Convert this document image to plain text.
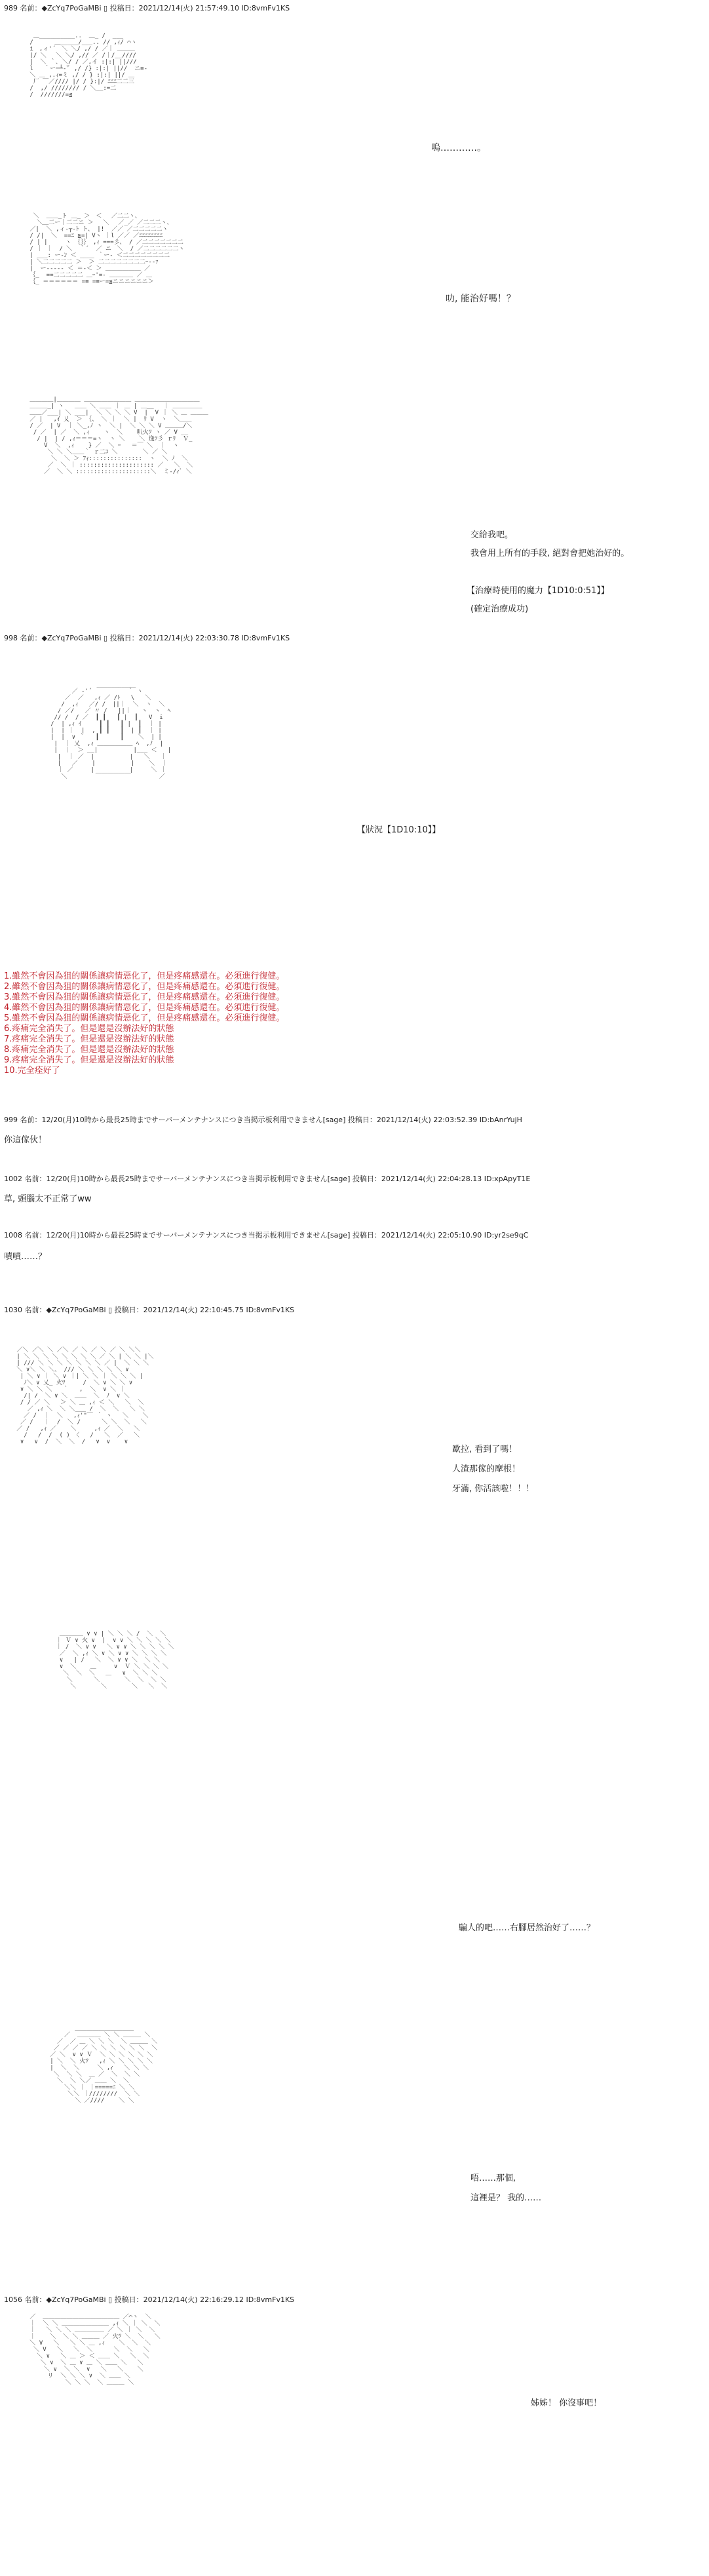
989 名前：◆ZcYq7PoGaMBi ▯ 投稿日：2021/12/14(火) 21:57:49.10 ID:8vmFv1KS
＿__________..  ＿_ /  ___
/　　　 ＿_____/___.. // ,ｨ/ ⌒ヽ
i　,ィ'´　＼ ＼/ ,/ / ／｜ ＿＿＿
|/ ＼　 ＼ ＼/ ,// ／ /｜/__////
|  ＼ ｀､ ＼/ / ／,イ :|:| ||///
l   ｀ー─┴‐'ﾞ ,/ /} :|:| ||//  ニ≡-
＼ ＿ ,.ｨ=ミ ,/ / } :|:| ||/ ＿
厂 ￣／//// |/ / }:|/ ﾆﾆﾆ二二三
/  ,/ //////// / ＼__:=二
/  ///////=≦

嗚…………。
＼  ＿＿_ト ＿_ ＞　＜　 ／二二ヽ、
＼＿二ー｜二二ニ ＞　 ＼　 ／_／ ／二二二ヽ、
／|  ＼ ,ィ‐┬‐ﾄ ト、 |!  ／／ ／二二二二二ヽ
/ /|  ＼  ==ﾆ ≧=| Vヽ ｜l ／／ ／ﾆﾆﾆﾆﾆﾆﾆﾆ
/ | |     ヽ ｛｝｝ ,ｨ ===彡、 / ／二二二二二二二
/ ｜ ｜  / ＼  ｀´  ／ ニ　＼  / ／二二二二二二ヽ
| ___: ー‐ﾝ ＜ ____ ｀ー‐ ＜二二二二二二二二
| ＼二二二二二 ＞  ＞ 二二二二二二二二ｰ‐‐ｧ
|  ー‐‐‐‐‐ ＜ ＝‐＜ ＞ ＿＿＿＿＿＿ ／
｛_  ==二二二二二 ＿ｰ'=‐ ＿＿＿＿ ／ ＿
｛_ ＝＝＝＝＝＝ =≡ =≡ー=≦ニニニニニニ＞

叻, 能治好嗎！？
＿＿＿＿|＿＿＿＿ ＿＿＿＿＿＿＿＿ ＿＿＿＿＿＿＿＿＿＿＿
＿＿＿_| ヽ   ＿＿ ＼ ＿＿ ｜ ＿ | ＿__　 ｜ ＿＿＿＿＿
＿＿／___| ＼ ___|  ＼ ＼ ＼ ＼ V  |  V ｜ ＼ ＿ ＿＿＿
／ |   ,ｲ 乂  ＞ ｛、 ＼ ｜  ＼ |  ﾘ V  ヽ  ＼＿＿
/ ／  | V  ｜ ＼_,ﾉ ヽ  ＼ |  ＼ ＼ ＼ V ＿＿＿/＼
/ ／  | ／  ＼ ,ｨ    ヽ  ＼    叭火ﾂ ヽ ／ V __
/ |  | / ,ｨ＝＝＝=ヽ  ヽ ＼    ＼ 逸ﾂ彡 ｒﾘ  Ｖ_
V  ＼  ,ｨ    } ／  ＼ ｰ   ＝￣ ＼  ｜  ヽ
＼ ＼ ＼＿＿｀ ｒ二ｺ ＼       ＼ ／ ＼
＼  ＼ ＞ ﾌｨ:::::::::::::::  ヽ  ＼ ﾉ  ＼
／  ＼ ｜ ::::::::::::::::::::: ／   ＼  ＼
／  ＼ ＼ :::::::::::::::::::::＼  ミ-/ｨﾞ ＼

交給我吧。
我會用上所有的手段, 絕對會把她治好的。
【治療時使用的魔力【1D10:0:51】】
(確定治療成功)
998 名前：◆ZcYq7PoGaMBi ▯ 投稿日：2021/12/14(火) 22:03:30.78 ID:8vmFv1KS
___________
／ ‐'´          ｀ ヽ
／  ／   ,ｨ ／ /ﾄ   \   ＼
/  ,ｨ   ／/ /  ||｜  ＼  ヽ  ＼
/ ／/   ／ 〃 /   ||｜   ヽ  ヽ  ﾍ
// /  / ／  ┃ ┃   ┃ |  ┃   V  i
/  | ,ｨ ｲ     ┃ ┃   ┃ |  ┃  ｜ |
|  | ｜  |  , ┃ ┃   ┃  | ┃  ｜ |
|  |  ∨ ｀   ┃      ┃    ＼  | |
|  ｜ 乂  ,ｨ ＿＿＿＿＿＿ ﾍ  ,ﾉ  |
|  ｜  ＞ __|          |___ ＜   |
|  ｜ ／  |          |   ＼   ｜
|   ／    |          |    ＼  ｜
｜ ／     |          |     ＼ ｜
＼        ￣￣￣￣￣￣        ／

【狀況【1D10:10】】
1.雖然不會因為狙的關係讓病情惡化了，但是疼痛感還在。必須進行復健。
2.雖然不會因為狙的關係讓病情惡化了，但是疼痛感還在。必須進行復健。
3.雖然不會因為狙的關係讓病情惡化了，但是疼痛感還在。必須進行復健。
4.雖然不會因為狙的關係讓病情惡化了，但是疼痛感還在。必須進行復健。
5.雖然不會因為狙的關係讓病情惡化了，但是疼痛感還在。必須進行復健。
6.疼痛完全消失了。但是還是沒辦法好的狀態
7.疼痛完全消失了。但是還是沒辦法好的狀態
8.疼痛完全消失了。但是還是沒辦法好的狀態
9.疼痛完全消失了。但是還是沒辦法好的狀態
10.完全痊好了
999 名前：12/20(月)10時から最長25時までサーバーメンテナンスにつき当掲示板利用できません[sage] 投稿日：2021/12/14(火) 22:03:52.39 ID:bAnrYujH
你這傢伙！
1002 名前：12/20(月)10時から最長25時までサーバーメンテナンスにつき当掲示板利用できません[sage] 投稿日：2021/12/14(火) 22:04:28.13 ID:xpApyT1E
草, 頭腦太不正常了ww
1008 名前：12/20(月)10時から最長25時までサーバーメンテナンスにつき当掲示板利用できません[sage] 投稿日：2021/12/14(火) 22:05:10.90 ID:yr2se9qC
嘖嘖……？
1030 名前：◆ZcYq7PoGaMBi ▯ 投稿日：2021/12/14(火) 22:10:45.75 ID:8vmFv1KS
／＼ ／＼ ＼ ／＼ ／ ＼ ／ ＼ ／ ＼ ＼＼
| ＼ ＼ ＼ ＼ ＼ ＼ ＼ ＼ ／ ＼ | ＼ ＼ |＼
| /// ＼ ＼ ＼ ＼ ＼ ＼ ＼ ／ |  ＼ ＼ ＼
＼ ∨＼ ＼ ＼、 /// ＼ ＼ ＼ ＼ ＼ ∨
| ＼ ∨ ｜ ＼ ∨ ｜| ＼ ＼ ｜ ＼ ＼ ＼ |
ﾉ＼ ∨ 乂_ 火ﾂ     /  ＼ ∨ ＼ ＼ ∨
∨ ＼ ＼ ＼   ｀   ,  ＼  ∨ ＼ ｜
/| /  ＼ ∨ ＼  ＿＿  ＼  ﾉ  ∨ ＼
/ / ／ ＼   ＞ ＼ ＿ ,ｨ ＜ ＼   ＼  ＼
／ ,ｨ ＼  ＼ ＼___ /  ＼  ＼   ＼ ＼
／ /  ｜  ＼   ,ｨ'"￣ ｀ ヽ   ＼    ＼
／ /   ｜  /  ＼ /      ＼ ＼  ＼   ＼
／ /   ,ｨ ／    ＼     ,ｨ ／  ＼   ＼
/   /  /  ( ) 〈   /   ＼  ／   ＼
∨   ∨  /  ＼  ＼  /   ∨  ∨    ∨

歐拉, 看到了嗎！
人渣那傢的摩根！
牙滿, 你活該啦！！！
＿＿＿＿ ∨ ∨ | ＼ ＼ ＼ /  ＼  ＼
｜ Ｖ ∨ 火 ∨  |  ∨ ∨ ＼ ＼ ＼ ＼ ＼
｜ /  ＼ ∨ ∨   ＼ ∨ ∨ ＼ ＼ ＼ ＼ ＼
／  ＼ ,ｨ ＼ ∨ ＼ ∨ ∨ ＼ ＼ ＼ ＼
∨   | /   ＼  ＼ ∨ ∨ ＼  ＼ ＼
∨  ＼    ＿     ∨  Ｖ ＼ ＼ ＼ ＼
＼  ＼  ＼   ＿   ∨  ＼ ＼ ＼
＼      ＼       ＼  ＼  ＼ ＼
＼       ＼       ＼   ＼  ＼

騙人的吧……右腳居然治好了……？
＿＿＿＿＿＿＿＿＿＿
／  ＿＿＿＿ ＼ ＼ ＿＿＿ ＼
／  ／ ＿ ＼ ＼ ＼  ＼ ＿＿＿ ＼
／ ／ ／ ／ ＼ ＼ ＼ ＼ ＼ ＼  ＼
／ ＼  ∨ ∨ Ｖ  ＼ ＼ ＼ ＼ ＼ ＼
| ＼  ＼ 火ﾂ   ,ｨ ＼ ＼ ＼ ＼ ＼
|  ＼  ＼     ＼ ,ｨ   ＼ ＼ ＼
＼  ＼ ＼  ＿ ／  ＼  ＼ ＼
＼  ＼ ＼／ ＿＿ ＼  ＼
＼＼ ｜ ｜=====ﾆ ＼ ＼
＼＼ ｜////////  ＼ ＼
＼ ／////    ＼ ＼

唔……那個,
這裡是？ 我的……
1056 名前：◆ZcYq7PoGaMBi ▯ 投稿日：2021/12/14(火) 22:16:29.12 ID:8vmFv1KS
／  ＿＿＿＿＿＿＿＿＿＿＿＿＿ ／⌒ヽ  ＼
｜  ＼ ＼ ＿＿＿＿＿＿＿＿ ,ｨ ＼ ｜ ＼  ＼
｜   ＼ ＼ ＼ ＿＿＿＿＿ ／ ＼ ｜ ＼  ＼
｜    ＼  ＼ ＼ ＿＿＿ ／ 火ﾂ ＼  ＼   ＼
＼ V   ＼   ＼ ＼ ＿ ,ｨ    ＼  ＼  ＼
＼ V   ＼   ＼  ＼      ＼  ＼   ＼
＼ ∨   ＼ ＿ ＞ ＜ ＿＿ ＼   ＼  ＼
＼ ∨  ＼ ＿ ∨ ＿ ＼ ＿＿ ＼   ＼
＼ ∨  ＼ ＼  ∨   ＼   ＼    ＼
リ  ＼ ＼ ＼ ∨  ＼ ＿＿ ＼
＼ ＼ ＼  ＼ ＿＿＿ ＼

姊姊！ 你沒事吧！
